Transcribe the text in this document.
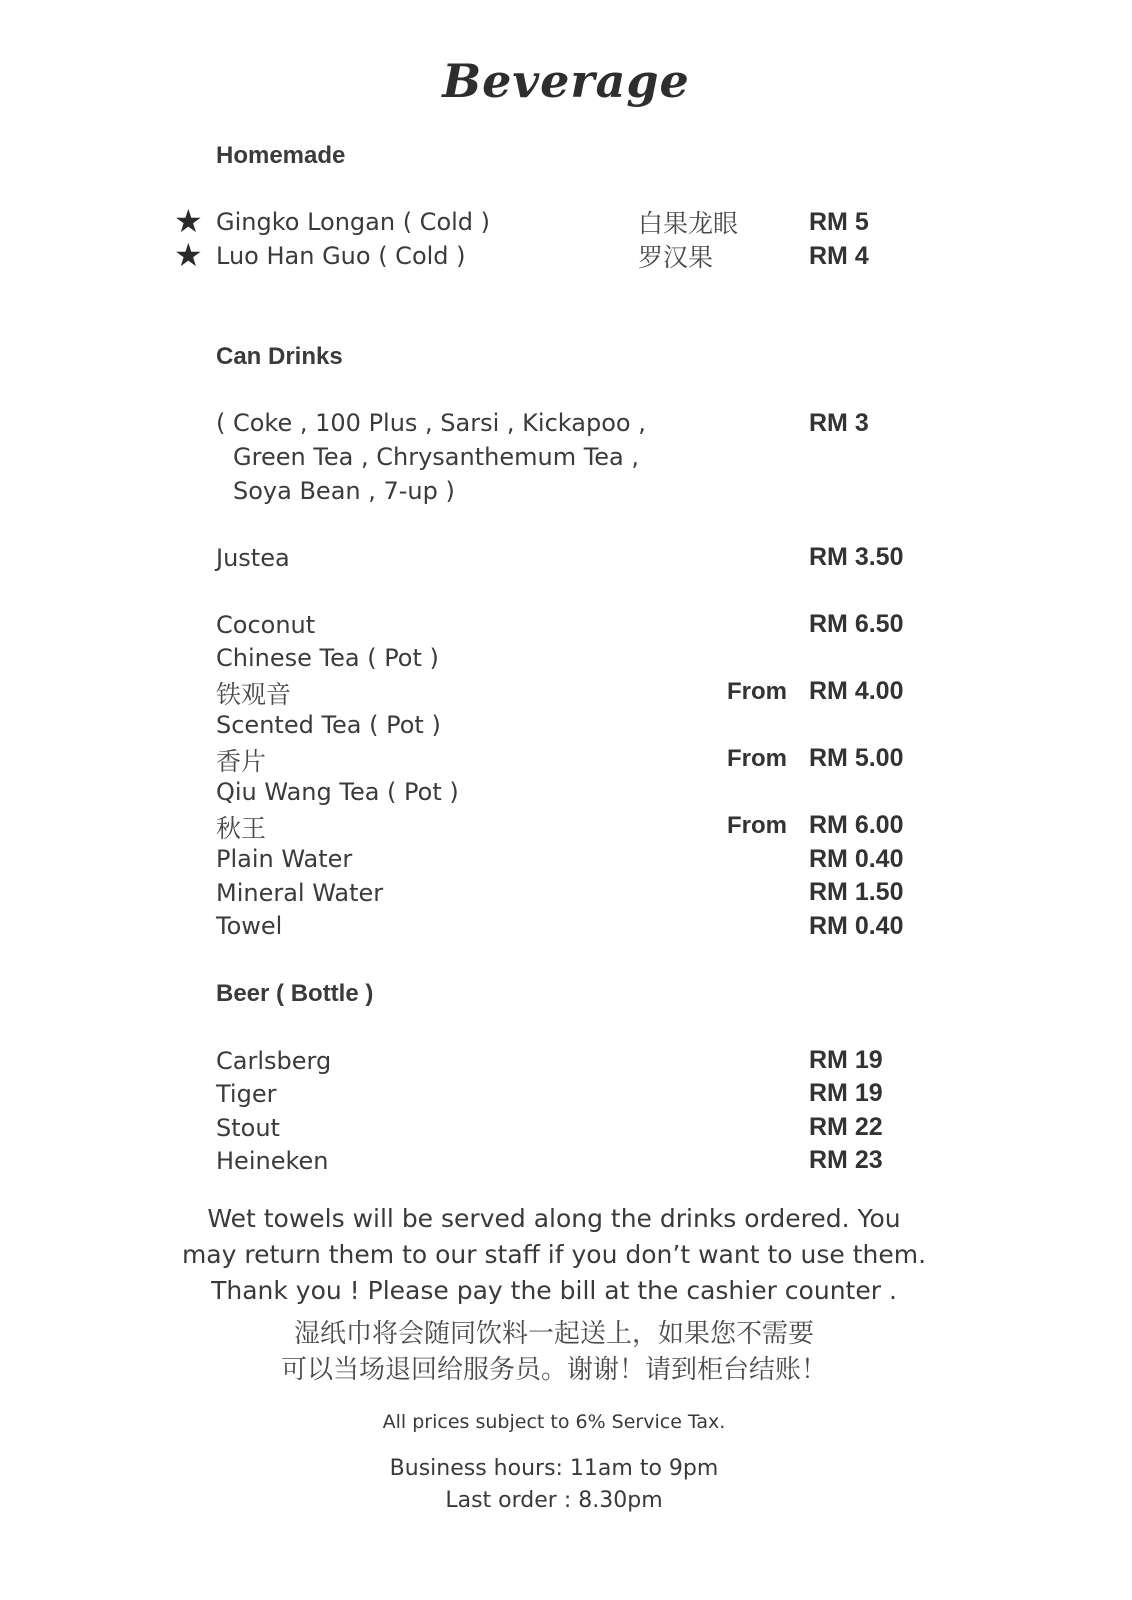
Beverage
Homemade
★ Gingko Longan ( Cold )	白果龙眼	RM 5
★ Luo Han Guo ( Cold )	罗汉果	RM 4
Can Drinks
( Coke , 100 Plus , Sarsi , Kickapoo ,
Green Tea , Chrysanthemum Tea ,
Soya Bean , 7-up )
RM 3
Justea	RM 3.50
Coconut	RM 6.50
Chinese Tea ( Pot )
铁观音	From RM 4.00
Scented Tea ( Pot )
香片	From RM 5.00
Qiu Wang Tea ( Pot )
秋王	From RM 6.00
Plain Water	RM 0.40
Mineral Water	RM 1.50
Towel	RM 0.40
Beer ( Bottle )
Carlsberg	RM 19
Tiger	RM 19
Stout	RM 22
Heineken	RM 23
Wet towels will be served along the drinks ordered. You
may return them to our staff if you don’t want to use them.
Thank you ! Please pay the bill at the cashier counter .
湿纸巾将会随同饮料一起送上，如果您不需要
可以当场退回给服务员。谢谢！请到柜台结账！
All prices subject to 6% Service Tax.
Business hours: 11am to 9pm
Last order : 8.30pm
